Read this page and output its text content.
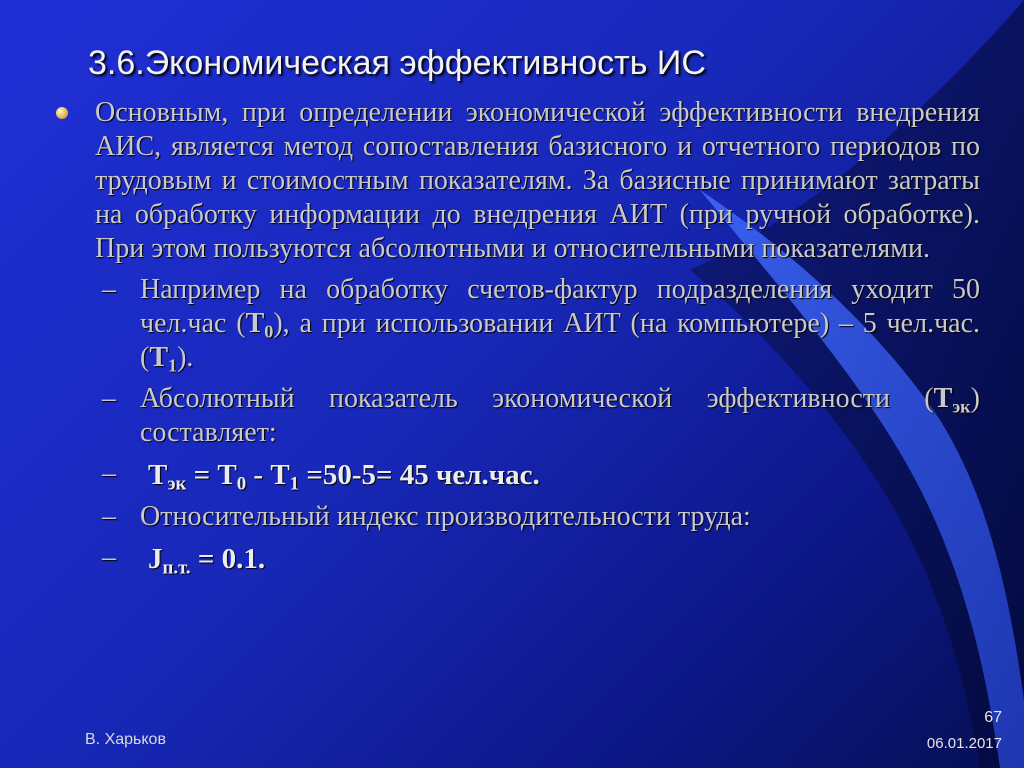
3.6.Экономическая эффективность ИС
Основным, при определении экономической эффективности внедрения АИС, является метод сопоставления базисного и отчетного периодов по трудовым и стоимостным показателям. За базисные принимают затраты на обработку информации до внедрения АИТ (при ручной обработке). При этом пользуются абсолютными и относительными показателями.
– Например на обработку счетов-фактур подразделения уходит 50 чел.час $(Т_0)$, а при использовании АИТ (на компьютере) – 5 $чел.час.(Т_1)$.
– Абсолютный показатель экономической эффективности $(Т_{эк})$ составляет:
– $Т_{эк} = Т_0 - Т_1 =50-5= 45$ чел.час.
– Относительный индекс производительности труда:
– $J_{п.т.} = 0.1$.
В. Харьков
67
06.01.2017
